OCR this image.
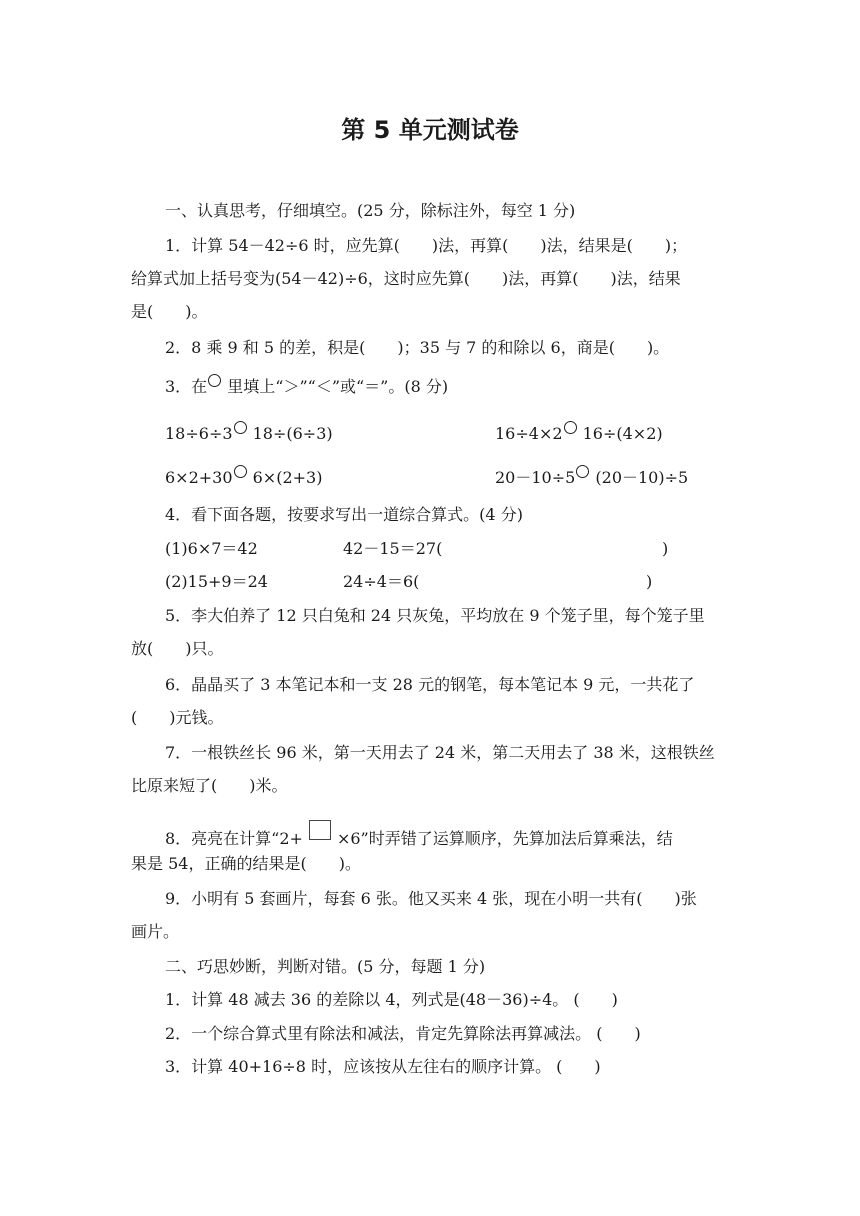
第 5 单元测试卷
一、认真思考，仔细填空。(25 分，除标注外，每空 1 分)
1．计算 54－42÷6 时，应先算(　　)法，再算(　　)法，结果是(　　)；
给算式加上括号变为(54－42)÷6，这时应先算(　　)法，再算(　　)法，结果
是(　　)。
2．8 乘 9 和 5 的差，积是(　　)；35 与 7 的和除以 6，商是(　　)。
3．在 里填上“＞”“＜”或“＝”。(8 分)
18÷6÷3 18÷(6÷3)	16÷4×2 16÷(4×2)
6×2+30 6×(2+3)	20－10÷5 (20－10)÷5
4．看下面各题，按要求写出一道综合算式。(4 分)
(1)6×7＝42	42－15＝27(	)
(2)15+9＝24	24÷4＝6(	)
5．李大伯养了 12 只白兔和 24 只灰兔，平均放在 9 个笼子里，每个笼子里
放(　　)只。
6．晶晶买了 3 本笔记本和一支 28 元的钢笔，每本笔记本 9 元，一共花了
(　　)元钱。
7．一根铁丝长 96 米，第一天用去了 24 米，第二天用去了 38 米，这根铁丝
比原来短了(　　)米。
8．亮亮在计算“2+ ×6”时弄错了运算顺序，先算加法后算乘法，结
果是 54，正确的结果是(　　)。
9．小明有 5 套画片，每套 6 张。他又买来 4 张，现在小明一共有(　　)张
画片。
二、巧思妙断，判断对错。(5 分，每题 1 分)
1．计算 48 减去 36 的差除以 4，列式是(48－36)÷4。 (　　)
2．一个综合算式里有除法和减法，肯定先算除法再算减法。 (　　)
3．计算 40+16÷8 时，应该按从左往右的顺序计算。 (　　)
